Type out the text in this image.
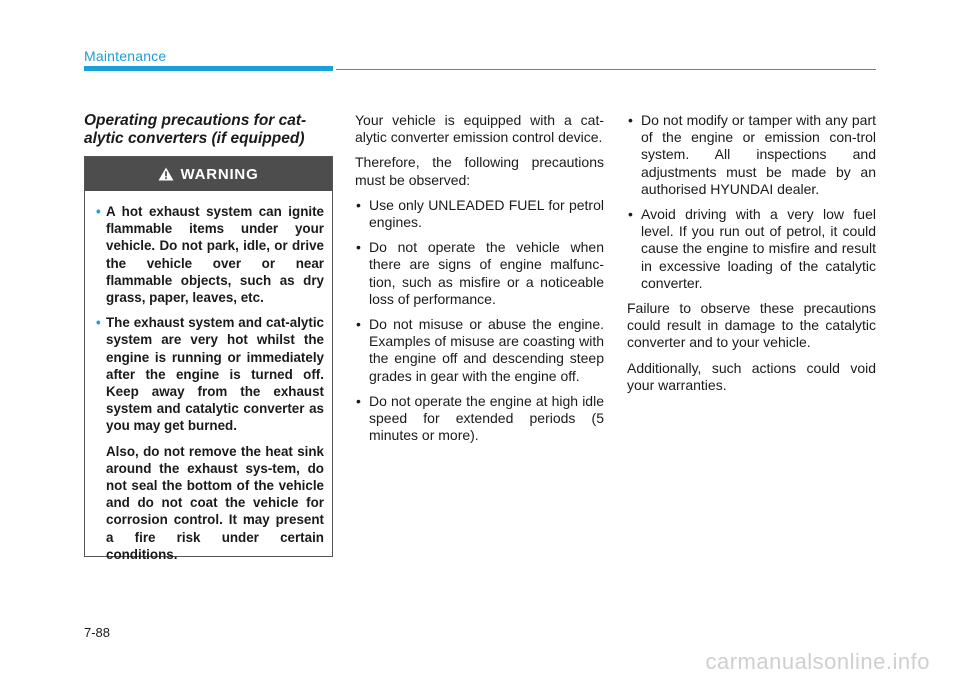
Maintenance
Operating precautions for cat-alytic converters (if equipped)
WARNING
• A hot exhaust system can ignite flammable items under your vehicle. Do not park, idle, or drive the vehicle over or near flammable objects, such as dry grass, paper, leaves, etc.
• The exhaust system and cat-alytic system are very hot whilst the engine is running or immediately after the engine is turned off. Keep away from the exhaust system and catalytic converter as you may get burned.
Also, do not remove the heat sink around the exhaust sys-tem, do not seal the bottom of the vehicle and do not coat the vehicle for corrosion control. It may present a fire risk under certain conditions.

Your vehicle is equipped with a cat-alytic converter emission control device.

Therefore, the following precautions must be observed:

• Use only UNLEADED FUEL for petrol engines.
• Do not operate the vehicle when there are signs of engine malfunc-tion, such as misfire or a noticeable loss of performance.
• Do not misuse or abuse the engine. Examples of misuse are coasting with the engine off and descending steep grades in gear with the engine off.
• Do not operate the engine at high idle speed for extended periods (5 minutes or more).
• Do not modify or tamper with any part of the engine or emission con-trol system. All inspections and adjustments must be made by an authorised HYUNDAI dealer.
• Avoid driving with a very low fuel level. If you run out of petrol, it could cause the engine to misfire and result in excessive loading of the catalytic converter.

Failure to observe these precautions could result in damage to the catalytic converter and to your vehicle.

Additionally, such actions could void your warranties.

7-88
carmanualsonline.info
